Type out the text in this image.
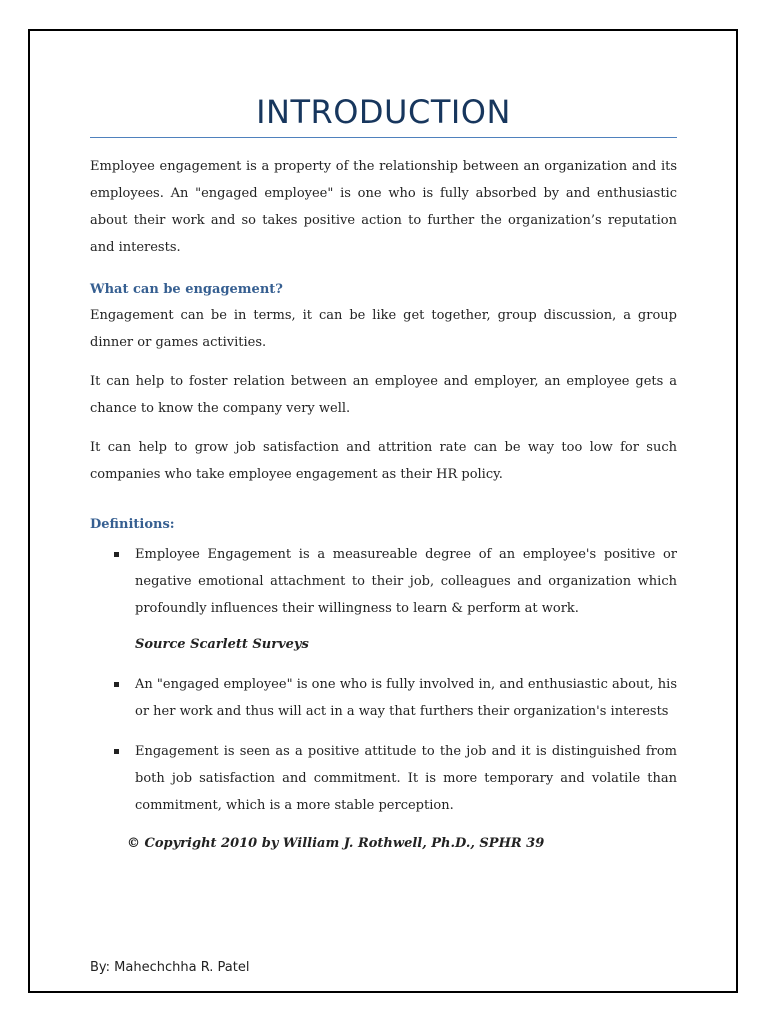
INTRODUCTION

Employee engagement is a property of the relationship between an organization and its employees. An "engaged employee" is one who is fully absorbed by and enthusiastic about their work and so takes positive action to further the organization’s reputation and interests.

What can be engagement?

Engagement can be in terms, it can be like get together, group discussion, a group dinner or games activities.

It can help to foster relation between an employee and employer, an employee gets a chance to know the company very well.

It can help to grow job satisfaction and attrition rate can be way too low for such companies who take employee engagement as their HR policy.

Definitions:

Employee Engagement is a measureable degree of an employee's positive or negative emotional attachment to their job, colleagues and organization which profoundly influences their willingness to learn & perform at work.

Source Scarlett Surveys

An "engaged employee" is one who is fully involved in, and enthusiastic about, his or her work and thus will act in a way that furthers their organization's interests
Engagement is seen as a positive attitude to the job and it is distinguished from both job satisfaction and commitment. It is more temporary and volatile than commitment, which is a more stable perception.

© Copyright 2010 by William J. Rothwell, Ph.D., SPHR 39

By: Mahechchha R. Patel
